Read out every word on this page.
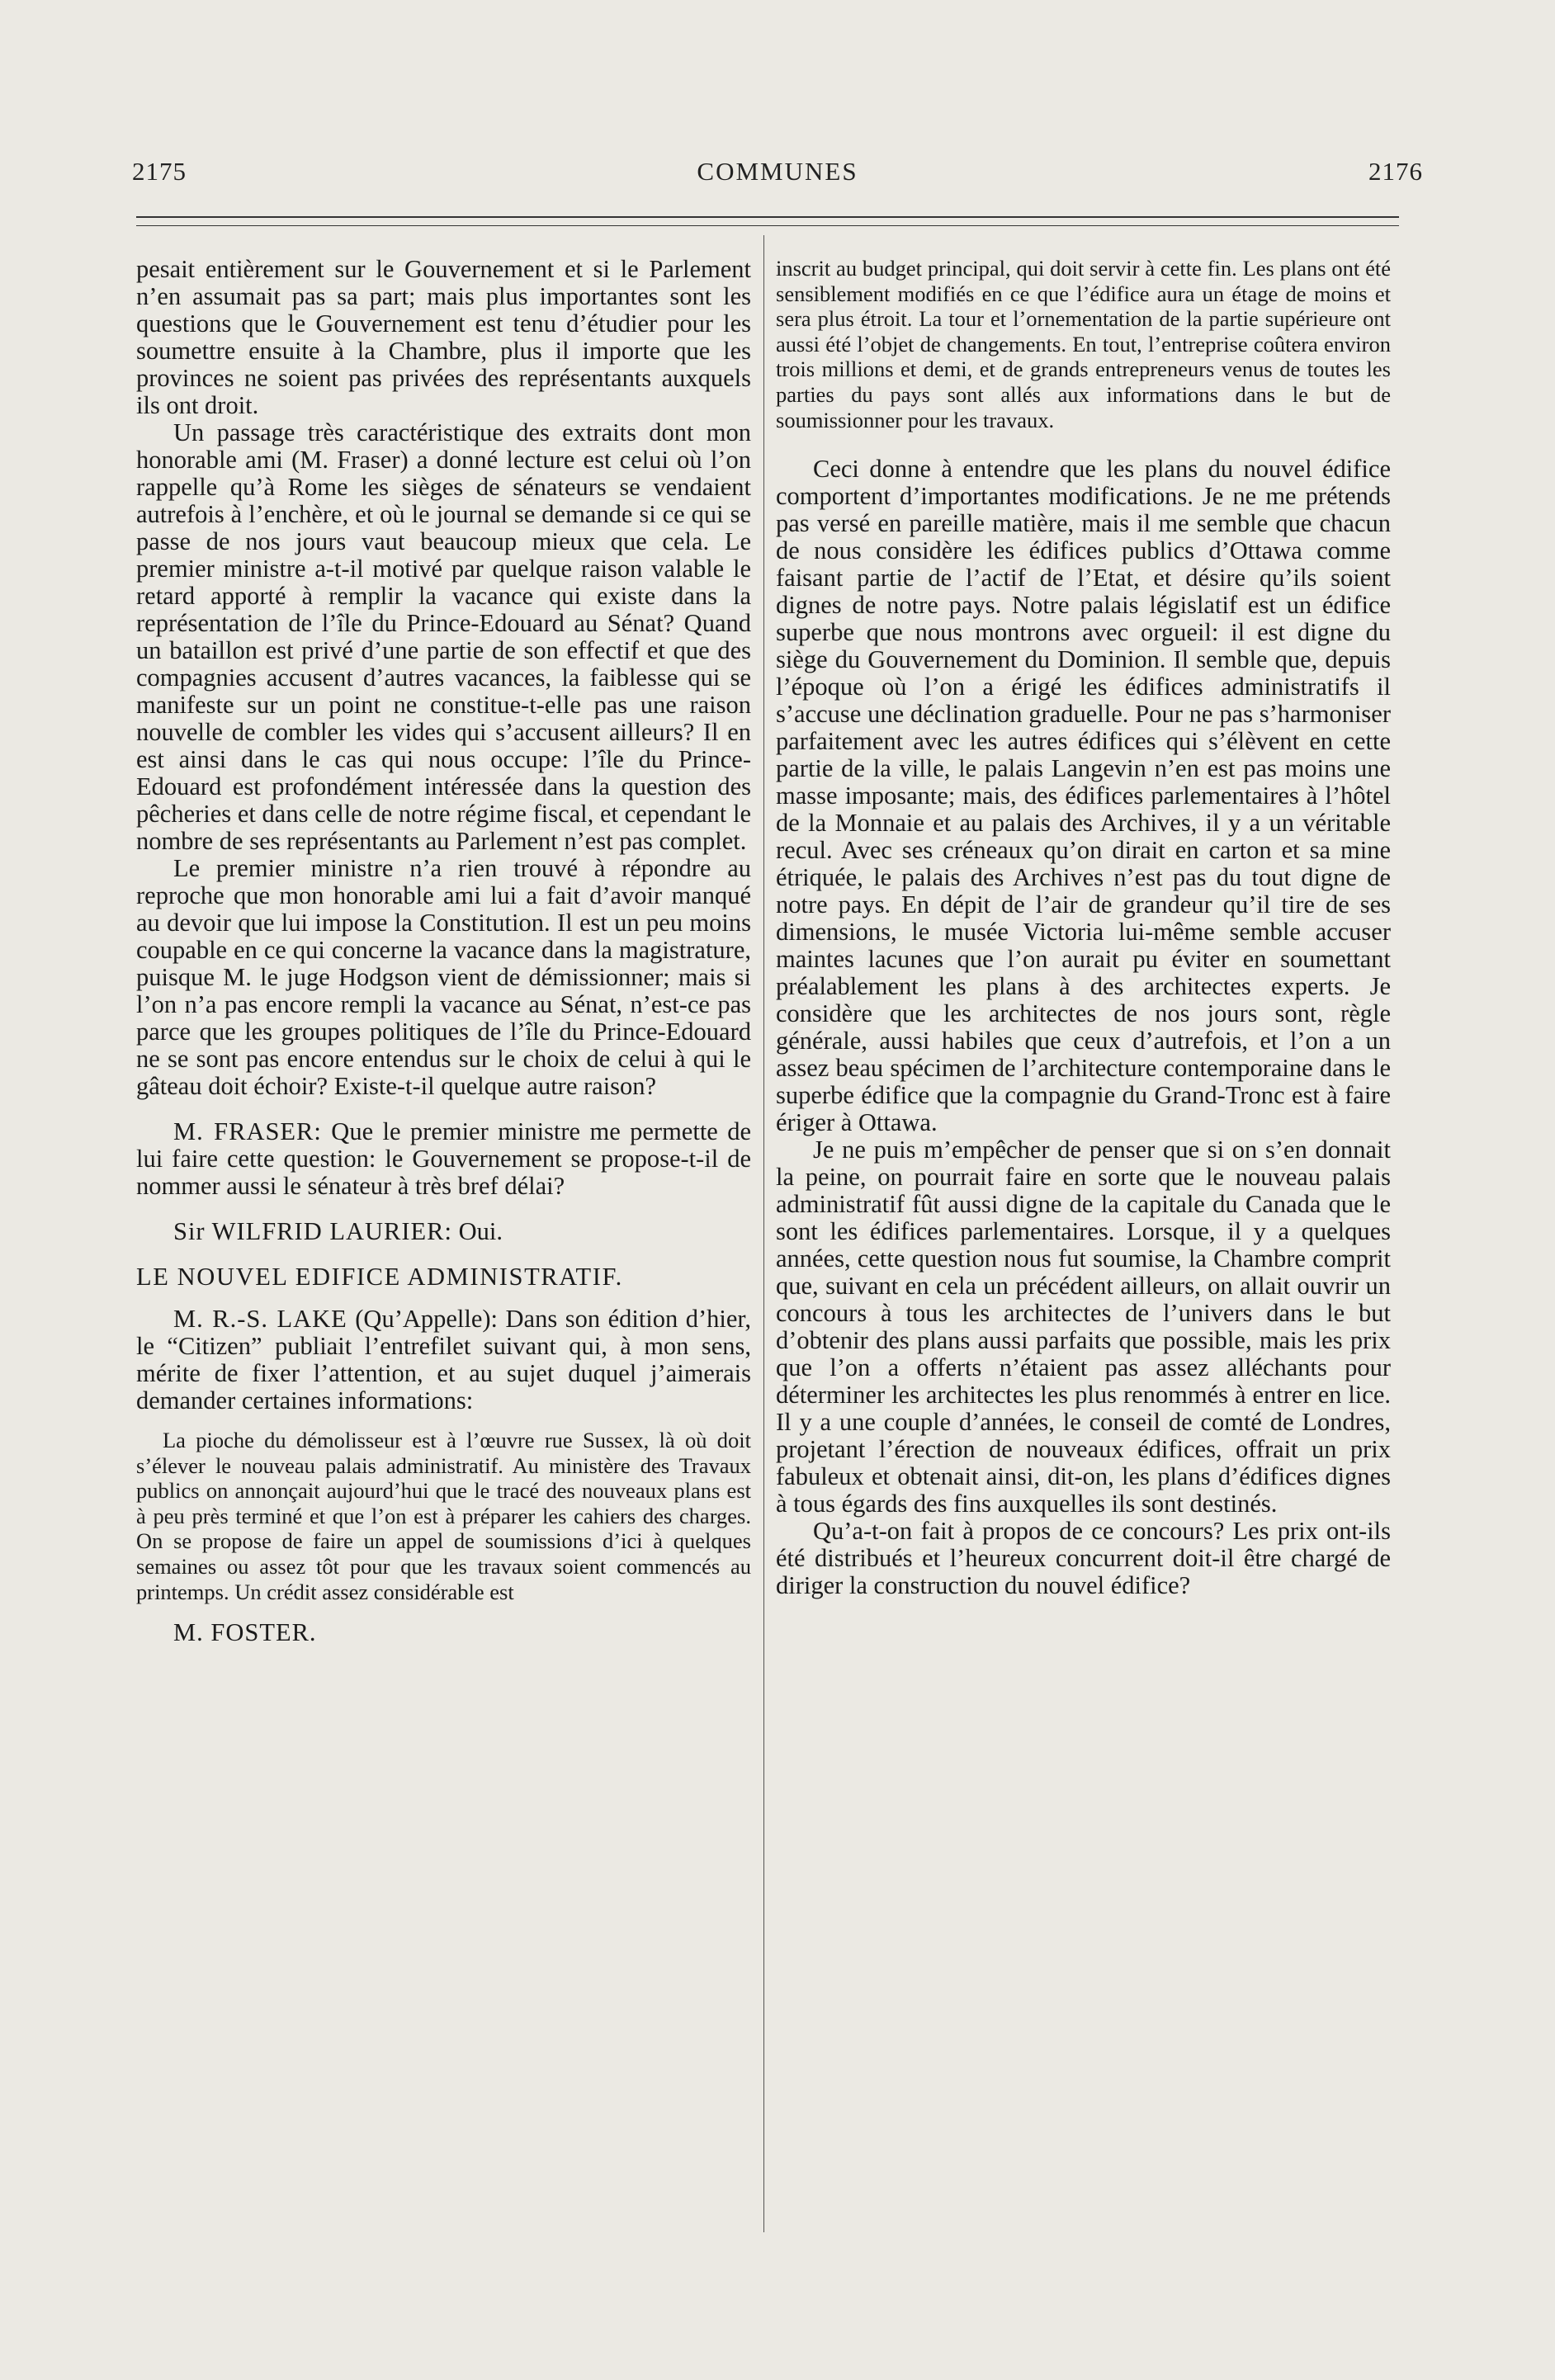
2175	COMMUNES	2176

pesait entièrement sur le Gouvernement et si le Parlement n’en assumait pas sa part; mais plus importantes sont les questions que le Gouvernement est tenu d’étudier pour les soumettre ensuite à la Chambre, plus il importe que les provinces ne soient pas privées des représentants auxquels ils ont droit.

Un passage très caractéristique des extraits dont mon honorable ami (M. Fraser) a donné lecture est celui où l’on rappelle qu’à Rome les sièges de sénateurs se vendaient autrefois à l’enchère, et où le journal se demande si ce qui se passe de nos jours vaut beaucoup mieux que cela. Le premier ministre a-t-il motivé par quelque raison valable le retard apporté à remplir la vacance qui existe dans la représentation de l’île du Prince-Edouard au Sénat? Quand un bataillon est privé d’une partie de son effectif et que des compagnies accusent d’autres vacances, la faiblesse qui se manifeste sur un point ne constitue-t-elle pas une raison nouvelle de combler les vides qui s’accusent ailleurs? Il en est ainsi dans le cas qui nous occupe: l’île du Prince-Edouard est profondément intéressée dans la question des pêcheries et dans celle de notre régime fiscal, et cependant le nombre de ses représentants au Parlement n’est pas complet.

Le premier ministre n’a rien trouvé à répondre au reproche que mon honorable ami lui a fait d’avoir manqué au devoir que lui impose la Constitution. Il est un peu moins coupable en ce qui concerne la vacance dans la magistrature, puisque M. le juge Hodgson vient de démissionner; mais si l’on n’a pas encore rempli la vacance au Sénat, n’est-ce pas parce que les groupes politiques de l’île du Prince-Edouard ne se sont pas encore entendus sur le choix de celui à qui le gâteau doit échoir? Existe-t-il quelque autre raison?

M. FRASER: Que le premier ministre me permette de lui faire cette question: le Gouvernement se propose-t-il de nommer aussi le sénateur à très bref délai?

Sir WILFRID LAURIER: Oui.

LE NOUVEL EDIFICE ADMINISTRATIF.

M. R.-S. LAKE (Qu’Appelle): Dans son édition d’hier, le “Citizen” publiait l’entrefilet suivant qui, à mon sens, mérite de fixer l’attention, et au sujet duquel j’aimerais demander certaines informations:

La pioche du démolisseur est à l’œuvre rue Sussex, là où doit s’élever le nouveau palais administratif. Au ministère des Travaux publics on annonçait aujourd’hui que le tracé des nouveaux plans est à peu près terminé et que l’on est à préparer les cahiers des charges. On se propose de faire un appel de soumissions d’ici à quelques semaines ou assez tôt pour que les travaux soient commencés au printemps. Un crédit assez considérable est

M. FOSTER.

inscrit au budget principal, qui doit servir à cette fin. Les plans ont été sensiblement modifiés en ce que l’édifice aura un étage de moins et sera plus étroit. La tour et l’ornementation de la partie supérieure ont aussi été l’objet de changements. En tout, l’entreprise coûtera environ trois millions et demi, et de grands entrepreneurs venus de toutes les parties du pays sont allés aux informations dans le but de soumissionner pour les travaux.

Ceci donne à entendre que les plans du nouvel édifice comportent d’importantes modifications. Je ne me prétends pas versé en pareille matière, mais il me semble que chacun de nous considère les édifices publics d’Ottawa comme faisant partie de l’actif de l’Etat, et désire qu’ils soient dignes de notre pays. Notre palais législatif est un édifice superbe que nous montrons avec orgueil: il est digne du siège du Gouvernement du Dominion. Il semble que, depuis l’époque où l’on a érigé les édifices administratifs il s’accuse une déclination graduelle. Pour ne pas s’harmoniser parfaitement avec les autres édifices qui s’élèvent en cette partie de la ville, le palais Langevin n’en est pas moins une masse imposante; mais, des édifices parlementaires à l’hôtel de la Monnaie et au palais des Archives, il y a un véritable recul. Avec ses créneaux qu’on dirait en carton et sa mine étriquée, le palais des Archives n’est pas du tout digne de notre pays. En dépit de l’air de grandeur qu’il tire de ses dimensions, le musée Victoria lui-même semble accuser maintes lacunes que l’on aurait pu éviter en soumettant préalablement les plans à des architectes experts. Je considère que les architectes de nos jours sont, règle générale, aussi habiles que ceux d’autrefois, et l’on a un assez beau spécimen de l’architecture contemporaine dans le superbe édifice que la compagnie du Grand-Tronc est à faire ériger à Ottawa.

Je ne puis m’empêcher de penser que si on s’en donnait la peine, on pourrait faire en sorte que le nouveau palais administratif fût aussi digne de la capitale du Canada que le sont les édifices parlementaires. Lorsque, il y a quelques années, cette question nous fut soumise, la Chambre comprit que, suivant en cela un précédent ailleurs, on allait ouvrir un concours à tous les architectes de l’univers dans le but d’obtenir des plans aussi parfaits que possible, mais les prix que l’on a offerts n’étaient pas assez alléchants pour déterminer les architectes les plus renommés à entrer en lice. Il y a une couple d’années, le conseil de comté de Londres, projetant l’érection de nouveaux édifices, offrait un prix fabuleux et obtenait ainsi, dit-on, les plans d’édifices dignes à tous égards des fins auxquelles ils sont destinés.

Qu’a-t-on fait à propos de ce concours? Les prix ont-ils été distribués et l’heureux concurrent doit-il être chargé de diriger la construction du nouvel édifice?
